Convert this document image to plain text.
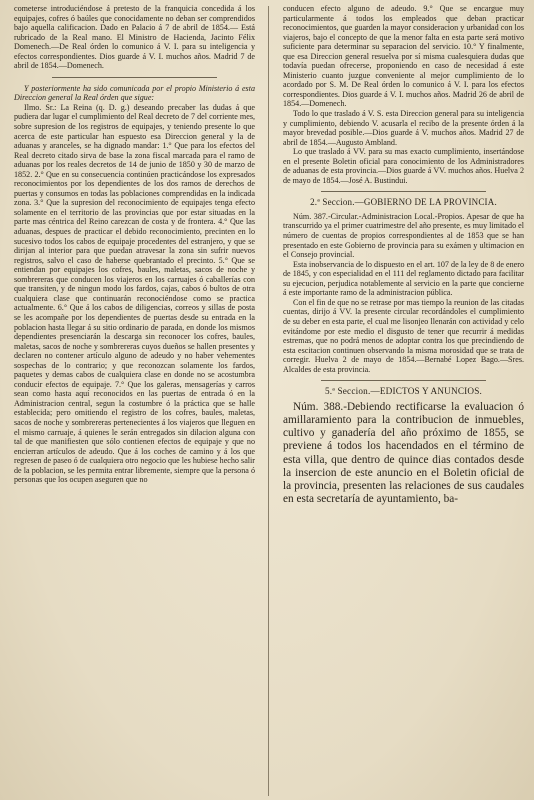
cometerse introduciéndose á pretesto de la franquicia concedida á los equipajes, cofres ó baúles que conocidamente no deban ser comprendidos bajo aquella calificacion. Dado en Palacio á 7 de abril de 1854.— Está rubricado de la Real mano. El Ministro de Hacienda, Jacinto Félix Domenech.—De Real órden lo comunico á V. I. para su inteligencia y efectos correspondientes. Dios guarde á V. I. muchos años. Madrid 7 de abril de 1854.—Domenech.

Y posteriormente ha sido comunicada por el propio Ministerio á esta Direccion general la Real órden que sigue:

Ilmo. Sr.: La Reina (q. D. g.) deseando precaber las dudas á que pudiera dar lugar el cumplimiento del Real decreto de 7 del corriente mes, sobre supresion de los registros de equipajes, y teniendo presente lo que acerca de este particular han espuesto esa Direccion general y la de aduanas y aranceles, se ha dignado mandar: 1.° Que para los efectos del Real decreto citado sirva de base la zona fiscal marcada para el ramo de aduanas por los reales decretos de 14 de junio de 1850 y 30 de marzo de 1852. 2.° Que en su consecuencia continúen practicándose los expresados reconocimientos por los dependientes de los dos ramos de derechos de puertas y consumos en todas las poblaciones comprendidas en la indicada zona. 3.° Que la supresion del reconocimiento de equipajes tenga efecto solamente en el territorio de las provincias que por estar situadas en la parte mas céntrica del Reino carezcan de costa y de frontera. 4.° Que las aduanas, despues de practicar el debido reconocimiento, precinten en lo sucesivo todos los cabos de equipaje procedentes del estranjero, y que se dirijan al interior para que puedan atravesar la zona sin sufrir nuevos registros, salvo el caso de haberse quebrantado el precinto. 5.° Que se entiendan por equipajes los cofres, baules, maletas, sacos de noche y sombrereras que conducen los viajeros en los carruajes ó caballerías con que transiten, y de ningun modo los fardos, cajas, cabos ó bultos de otra cualquiera clase que continuarán reconociéndose como se practica actualmente. 6.° Que á los cabos de diligencias, correos y sillas de posta se les acompañe por los dependientes de puertas desde su entrada en la poblacion hasta llegar á su sitio ordinario de parada, en donde los mismos dependientes presenciarán la descarga sin reconocer los cofres, baules, maletas, sacos de noche y sombrereras cuyos dueños se hallen presentes y declaren no contener artículo alguno de adeudo y no haber vehementes sospechas de lo contrario; y que reconozcan solamente los fardos, paquetes y demas cabos de cualquiera clase en donde no se acostumbra conducir efectos de equipaje. 7.° Que los galeras, mensagerías y carros sean como hasta aquí reconocidos en las puertas de entrada ó en la Administracion central, segun la costumbre ó la práctica que se halle establecida; pero omitiendo el registro de los cofres, baules, maletas, sacos de noche y sombrereras pertenecientes á los viajeros que lleguen en el mismo carruaje, á quienes le serán entregados sin dilacion alguna con tal de que manifiesten que sólo contienen efectos de equipaje y que no encierran artículos de adeudo. Que á los coches de camino y á los que regresen de paseo ó de cualquiera otro negocio que les hubiese hecho salir de la poblacion, se les permita entrar libremente, siempre que la persona ó personas que los ocupen aseguren que no

conducen efecto alguno de adeudo. 9.° Que se encargue muy particularmente á todos los empleados que deban practicar reconocimientos, que guarden la mayor consideracion y urbanidad con los viajeros, bajo el concepto de que la menor falta en esta parte será motivo suficiente para determinar su separacion del servicio. 10.° Y finalmente, que esa Direccion general resuelva por sí misma cualesquiera dudas que todavía puedan ofrecerse, proponiendo en caso de necesidad á este Ministerio cuanto juzgue conveniente al mejor cumplimiento de lo acordado por S. M. De Real órden lo comunico á V. I. para los efectos correspondientes. Dios guarde á V. I. muchos años. Madrid 26 de abril de 1854.—Domenech.

Todo lo que traslado á V. S. esta Direccion general para su inteligencia y cumplimiento, debiendo V. acusarla el recibo de la presente órden á la mayor brevedad posible.—Dios guarde á V. muchos años. Madrid 27 de abril de 1854.—Augusto Ambland.

Lo que traslado á VV. para su mas exacto cumplimiento, insertándose en el presente Boletin oficial para conocimiento de los Administradores de aduanas de esta provincia.—Dios guarde á VV. muchos años. Huelva 2 de mayo de 1854.—José A. Bustindui.

2.ª Seccion.—GOBIERNO DE LA PROVINCIA.

Núm. 387.-Circular.-Administracion Local.-Propios. Apesar de que ha transcurrido ya el primer cuatrimestre del año presente, es muy limitado el número de cuentas de propios correspondientes al de 1853 que se han presentado en este Gobierno de provincia para su exámen y ultimacion en el Consejo provincial.

Esta inobservancia de lo dispuesto en el art. 107 de la ley de 8 de enero de 1845, y con especialidad en el 111 del reglamento dictado para facilitar su ejecucion, perjudica notablemente al servicio en la parte que concierne á este importante ramo de la administracion pública.

Con el fin de que no se retrase por mas tiempo la reunion de las citadas cuentas, dirijo á VV. la presente circular recordándoles el cumplimiento de su deber en esta parte, el cual me lisonjeo llenarán con actividad y celo evitándome por este medio el disgusto de tener que recurrir á medidas estremas, que no podrá menos de adoptar contra los que precindiendo de esta escitacion continuen observando la misma morosidad que se trata de corregir. Huelva 2 de mayo de 1854.—Bernabé Lopez Bago.—Sres. Alcaldes de esta provincia.

5.ª Seccion.—EDICTOS Y ANUNCIOS.

Núm. 388.-Debiendo rectificarse la evaluacion ó amillaramiento para la contribucion de inmuebles, cultivo y ganadería del año próximo de 1855, se previene á todos los hacendados en el término de esta villa, que dentro de quince dias contados desde la insercion de este anuncio en el Boletin oficial de la provincia, presenten las relaciones de sus caudales en esta secretaría de ayuntamiento, ba-
